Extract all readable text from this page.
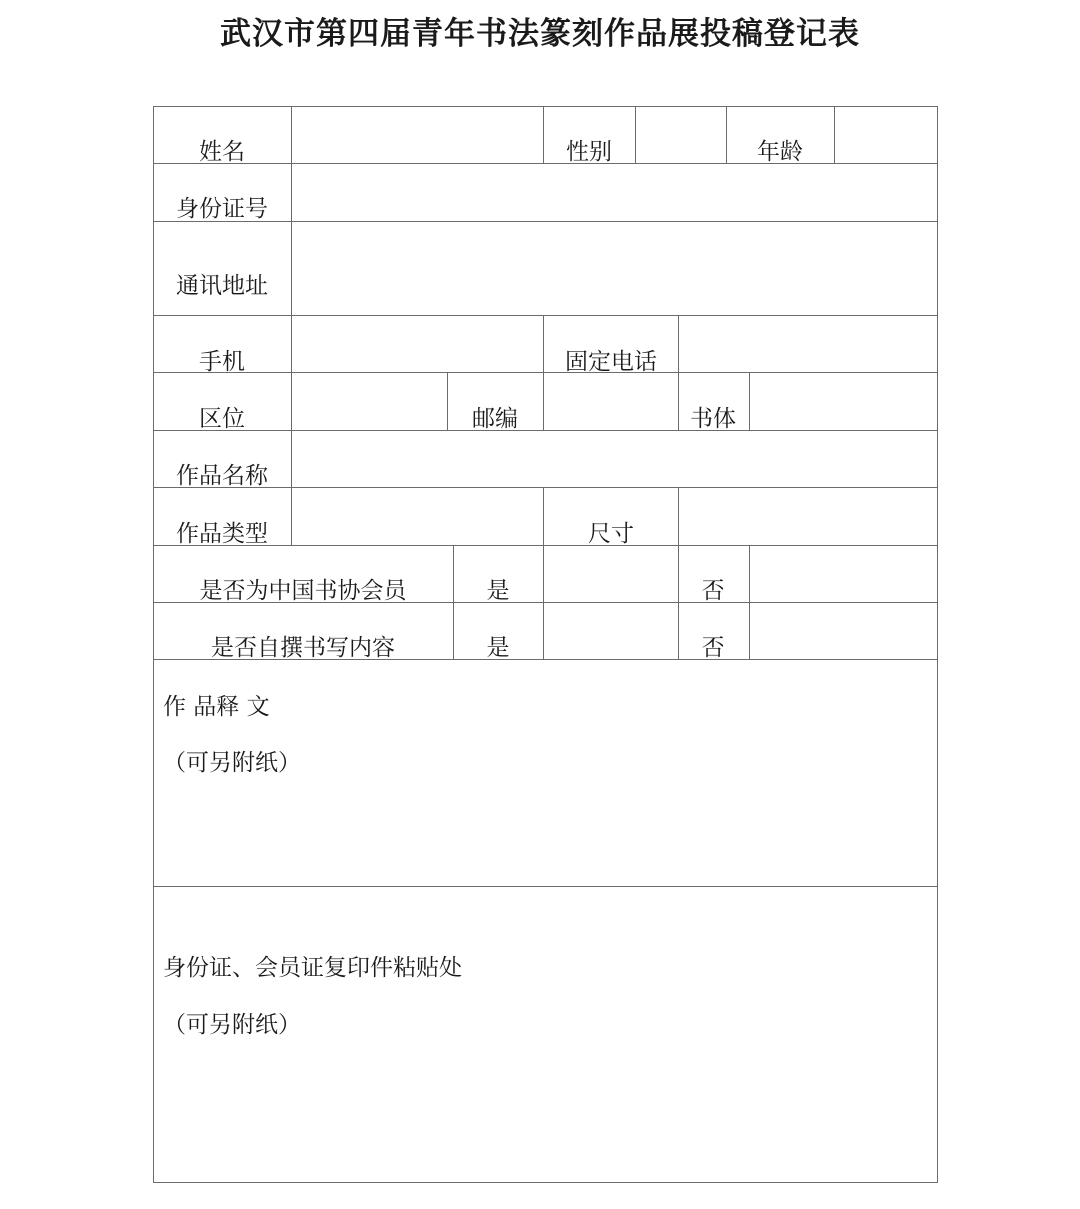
武汉市第四届青年书法篆刻作品展投稿登记表
姓名	性别	年龄
身份证号
通讯地址
手机	固定电话
区位	邮编	书体
作品名称
作品类型	尺寸
是否为中国书协会员	是	否
是否自撰书写内容	是	否
作 品释 文
（可另附纸）
身份证、会员证复印件粘贴处
（可另附纸）
